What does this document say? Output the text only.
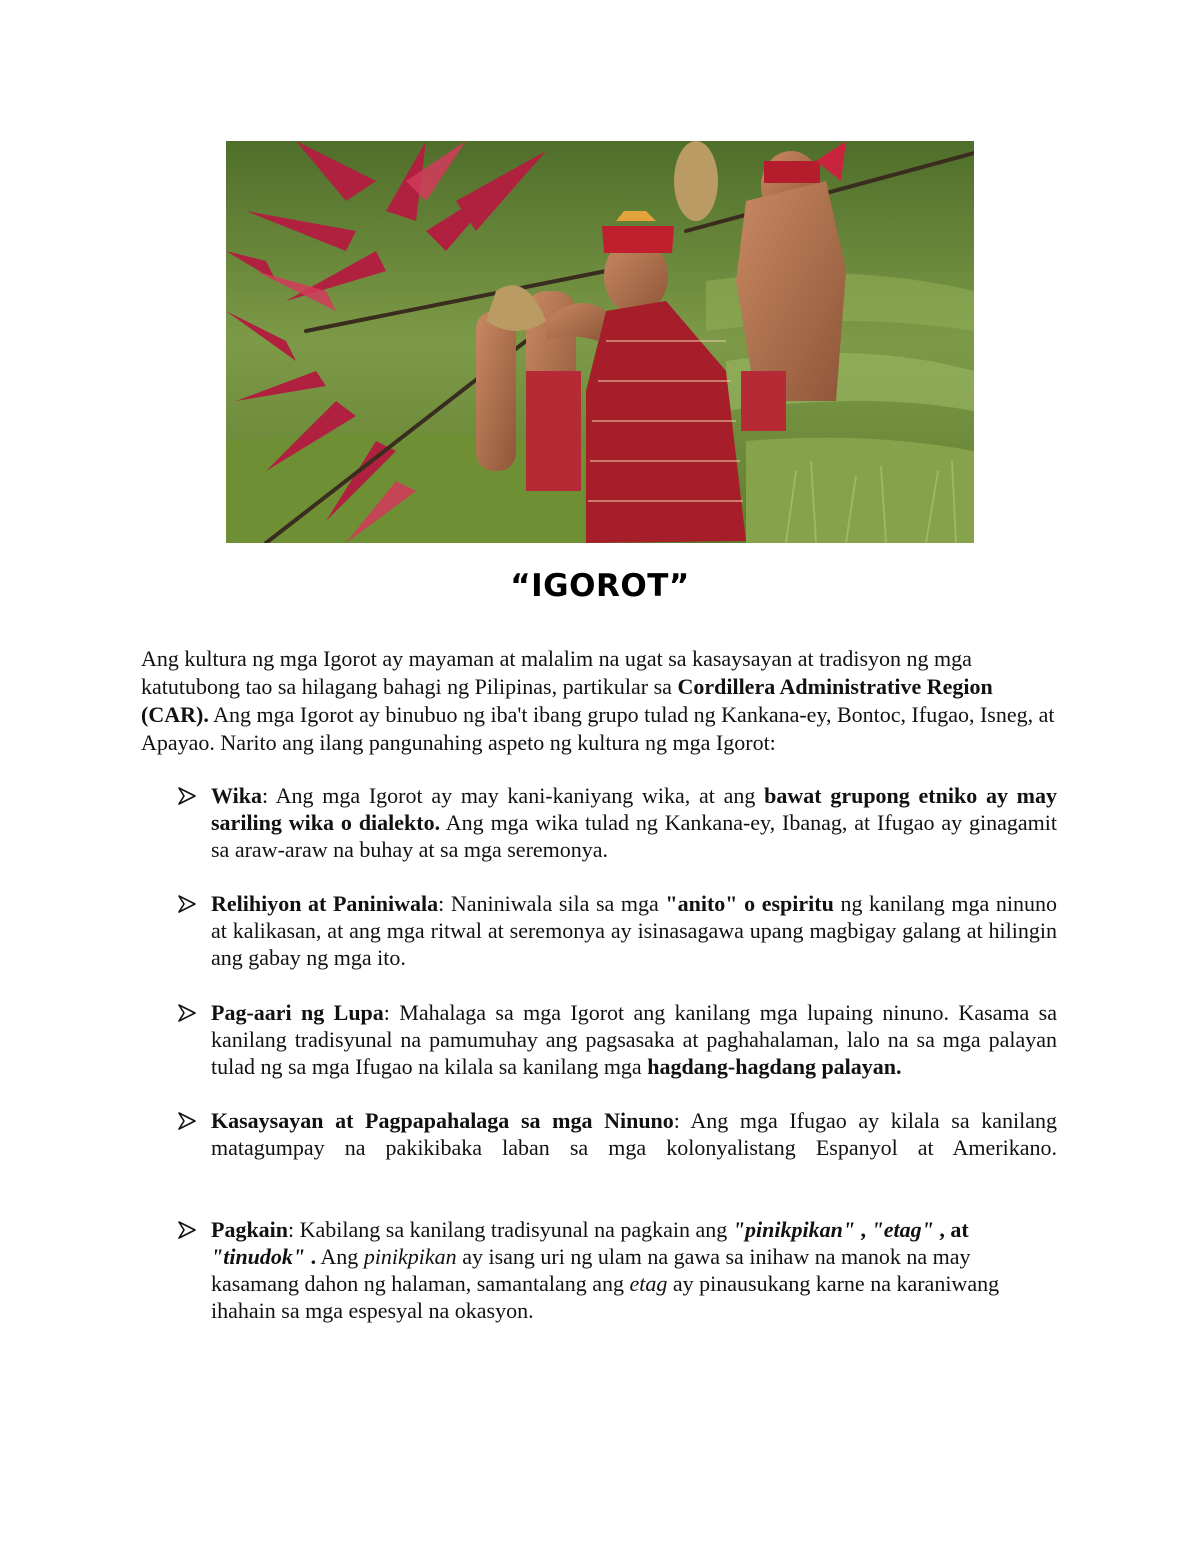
“IGOROT”

Ang kultura ng mga Igorot ay mayaman at malalim na ugat sa kasaysayan at tradisyon ng mga katutubong tao sa hilagang bahagi ng Pilipinas, partikular sa Cordillera Administrative Region (CAR). Ang mga Igorot ay binubuo ng iba't ibang grupo tulad ng Kankana-ey, Bontoc, Ifugao, Isneg, at Apayao. Narito ang ilang pangunahing aspeto ng kultura ng mga Igorot:

Wika: Ang mga Igorot ay may kani-kaniyang wika, at ang bawat grupong etniko ay may sariling wika o dialekto. Ang mga wika tulad ng Kankana-ey, Ibanag, at Ifugao ay ginagamit sa araw-araw na buhay at sa mga seremonya.

Relihiyon at Paniniwala: Naniniwala sila sa mga "anito" o espiritu ng kanilang mga ninuno at kalikasan, at ang mga ritwal at seremonya ay isinasagawa upang magbigay galang at hilingin ang gabay ng mga ito.

Pag-aari ng Lupa: Mahalaga sa mga Igorot ang kanilang mga lupaing ninuno. Kasama sa kanilang tradisyunal na pamumuhay ang pagsasaka at paghahalaman, lalo na sa mga palayan tulad ng sa mga Ifugao na kilala sa kanilang mga hagdang-hagdang palayan.

Kasaysayan at Pagpapahalaga sa mga Ninuno: Ang mga Ifugao ay kilala sa kanilang matagumpay na pakikibaka laban sa mga kolonyalistang Espanyol at Amerikano.

Pagkain: Kabilang sa kanilang tradisyunal na pagkain ang "pinikpikan" , "etag" , at "tinudok" . Ang pinikpikan ay isang uri ng ulam na gawa sa inihaw na manok na may kasamang dahon ng halaman, samantalang ang etag ay pinausukang karne na karaniwang ihahain sa mga espesyal na okasyon.
